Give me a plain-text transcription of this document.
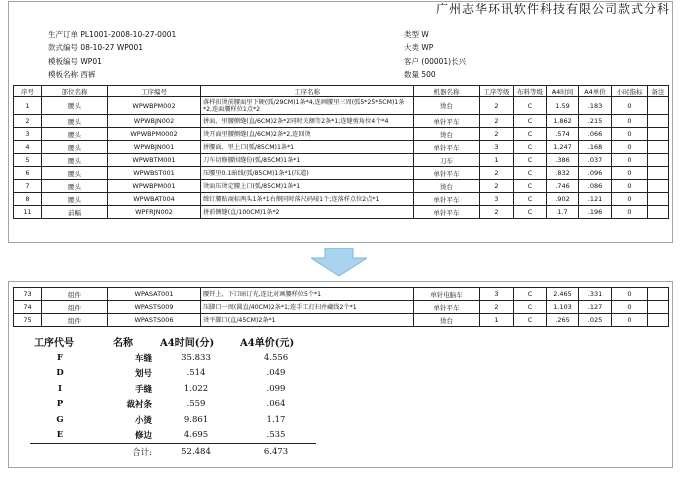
广州志华环讯软件科技有限公司款式分科
生产订单 PL1001-2008-10-27-0001
款式编号 08-10-27 WP001
模板编号 WP01
模板名称 西裤
类型 W
大类 WP
客户 (00001)长兴
数量 500
序号	部位名称	工序编号	工序名称	机器名称	工序等级	布料等级	A4时间	A4单价	小时指标	备注
1	腰头	WPWBPM002	落样扣烫前腰面里下硬(弧/29CM)1条*4,连画腰里三周(弧5*25*5CM)1条*2,连面腰样位1点*2	烫台	2	C	1.59	.183	0	
2	腰头	WPWBJN002	拼面、里腰侧缝(直/6CM)2条*2同时关额等2条*1;连缝剪角位4个*4	单针平车	2	C	1.862	.215	0	
3	腰头	WPWBPM0002	烫开面里腰侧缝(直/6CM)2条*2,连回烫	烫台	2	C	.574	.066	0	
4	腰头	WPWBJN001	拼腰面、里上口(弧/85CM)1条*1	单针平车	3	C	1.247	.168	0	
5	腰头	WPWBTM001	刀车切修腰围缝份(弧/85CM)1条*1	刀车	1	C	.386	.037	0	
6	腰头	WPWBST001	压腰里0.1暗线(弧/85CM)1条*1(压道)	单针平车	2	C	.832	.096	0	
7	腰头	WPWBPM001	烫面压烫定腰上口(弧/85CM)1条*1	烫台	2	C	.746	.086	0	
8	腰头	WPWBAT004	缉钉腰贴商标两头1条*1右侧同时落尺码唛1个;连落样点位2点*1	单针平车	3	C	.902	.121	0	
11	前幅	WPFRJN002	拼前侧缝(直/100CM)1条*2	单针平车	2	C	1.7	.196	0	
73	组件	WPASAT001	腰钎上、下口暗订光,连比对画腰样位5个*1	单针电脑车	3	C	2.465	.331	0	
74	组件	WPASTS009	压脚口一周(圆直/40CM)2条*1;连手工打扫并藏线2个*1	单针平车	2	C	1.103	.127	0	
75	组件	WPASTS006	烫平脚口(直/45CM)2条*1	烫台	1	C	.265	.025	0	
工序代号	名称	A4时间(分)	A4单价(元)
F	车缝	35.833	4.556
D	划号	.514	.049
I	手缝	1.022	.099
P	裁衬条	.559	.064
G	小烫	9.861	1.17
E	修边	4.695	.535
	合计:	52.484	6.473
